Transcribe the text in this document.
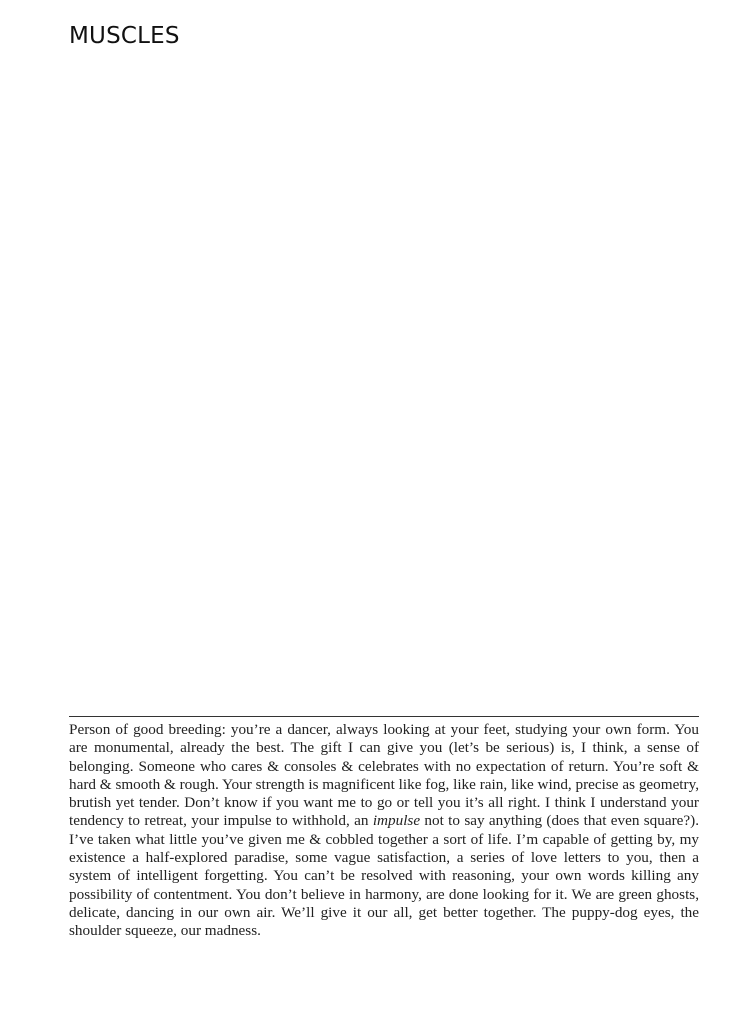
MUSCLES

Person of good breeding: you’re a dancer, always looking at your feet, studying your own form. You are monumental, already the best. The gift I can give you (let’s be serious) is, I think, a sense of belonging. Someone who cares & consoles & celebrates with no expectation of return. You’re soft & hard & smooth & rough. Your strength is magnificent like fog, like rain, like wind, precise as geometry, brutish yet tender. Don’t know if you want me to go or tell you it’s all right. I think I understand your tendency to retreat, your impulse to withhold, an impulse not to say anything (does that even square?). I’ve taken what little you’ve given me & cobbled together a sort of life. I’m capable of getting by, my existence a half-explored paradise, some vague satisfaction, a series of love letters to you, then a system of intelligent forgetting. You can’t be resolved with reasoning, your own words killing any possibility of contentment. You don’t believe in harmony, are done looking for it. We are green ghosts, delicate, dancing in our own air. We’ll give it our all, get better together. The puppy-dog eyes, the shoulder squeeze, our madness.
